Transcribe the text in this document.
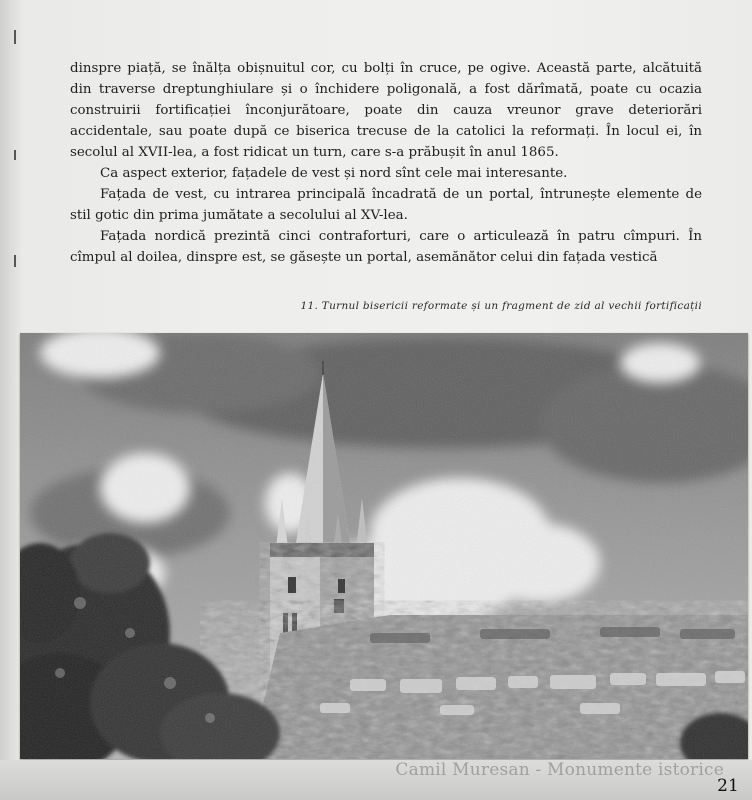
dinspre piață, se înălța obișnuitul cor, cu bolți în cruce, pe ogive. Această parte, alcătuită din traverse dreptunghiulare și o închidere poligonală, a fost dărîmată, poate cu ocazia construirii fortificației înconjurătoare, poate din cauza vreunor grave deteriorări accidentale, sau poate după ce biserica trecuse de la catolici la reformați. În locul ei, în secolul al XVII-lea, a fost ridicat un turn, care s-a prăbușit în anul 1865.

Ca aspect exterior, fațadele de vest și nord sînt cele mai interesante.

Fațada de vest, cu intrarea principală încadrată de un portal, întrunește elemente de stil gotic din prima jumătate a secolului al XV-lea.

Fațada nordică prezintă cinci contraforturi, care o articulează în patru cîmpuri. În cîmpul al doilea, dinspre est, se găsește un portal, asemănător celui din fațada vestică

11. Turnul bisericii reformate și un fragment de zid al vechii fortificații
Camil Muresan - Monumente istorice
21
